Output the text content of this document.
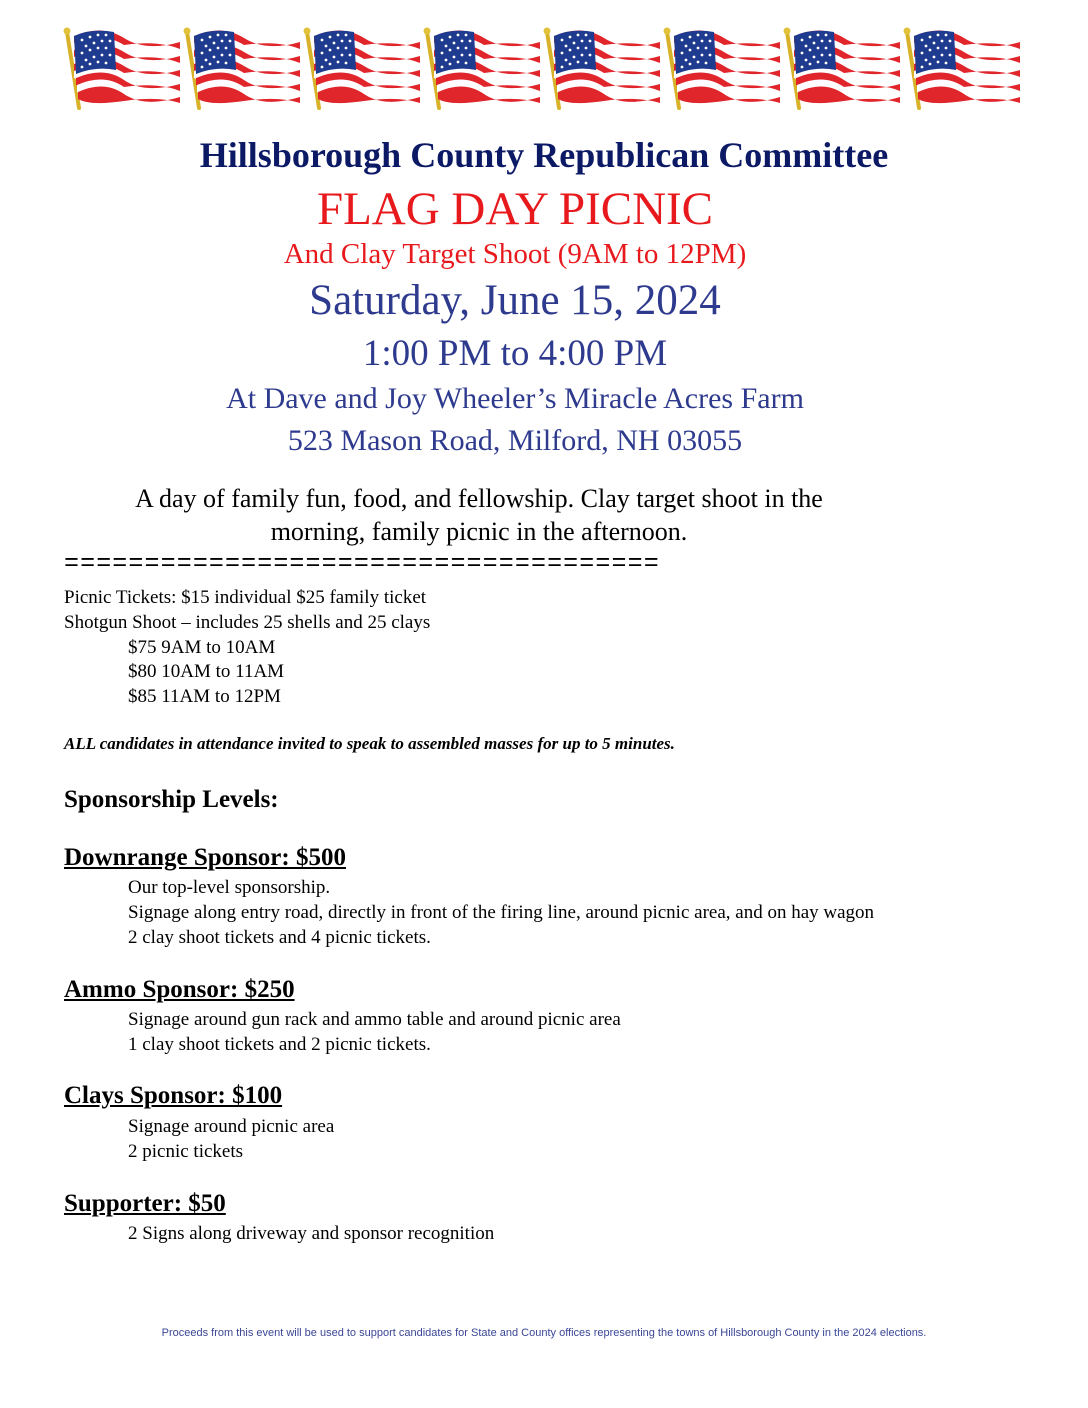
Hillsborough County Republican Committee
FLAG DAY PICNIC
And Clay Target Shoot (9AM to 12PM)
Saturday, June 15, 2024
1:00 PM to 4:00 PM
At Dave and Joy Wheeler’s Miracle Acres Farm
523 Mason Road, Milford, NH 03055
A day of family fun, food, and fellowship. Clay target shoot in the
morning, family picnic in the afternoon.
=====================================
Picnic Tickets: $15 individual $25 family ticket
Shotgun Shoot – includes 25 shells and 25 clays
$75 9AM to 10AM
$80 10AM to 11AM
$85 11AM to 12PM
ALL candidates in attendance invited to speak to assembled masses for up to 5 minutes.
Sponsorship Levels:
Downrange Sponsor: $500
Our top-level sponsorship.
Signage along entry road, directly in front of the firing line, around picnic area, and on hay wagon
2 clay shoot tickets and 4 picnic tickets.
Ammo Sponsor: $250
Signage around gun rack and ammo table and around picnic area
1 clay shoot tickets and 2 picnic tickets.
Clays Sponsor: $100
Signage around picnic area
2 picnic tickets
Supporter: $50
2 Signs along driveway and sponsor recognition
Proceeds from this event will be used to support candidates for State and County offices representing the towns of Hillsborough County in the 2024 elections.
